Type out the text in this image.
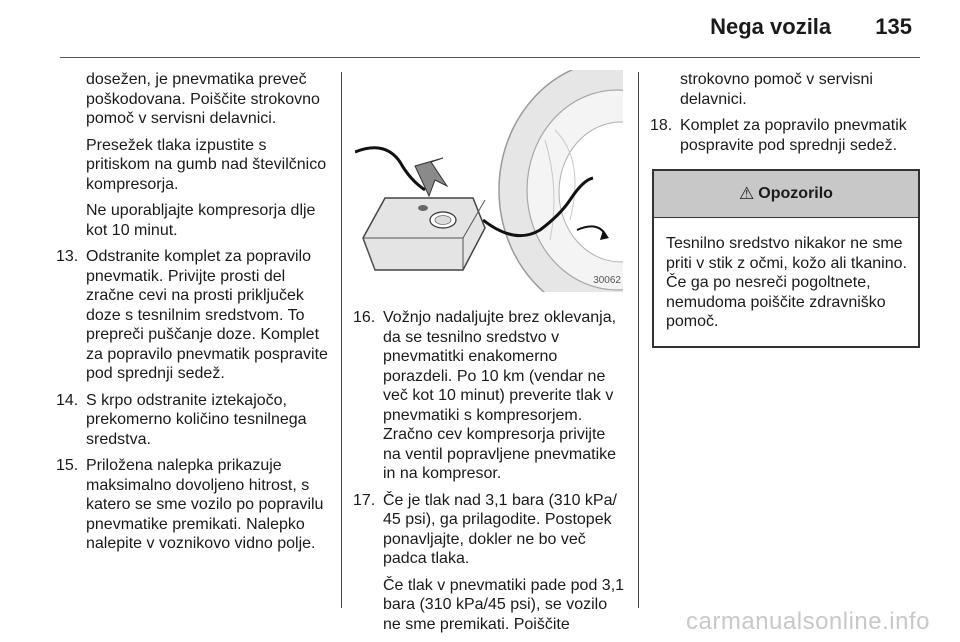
Nega vozila 135

dosežen, je pnevmatika preveč poškodovana. Poiščite strokovno pomoč v servisni delavnici.

Presežek tlaka izpustite s pritiskom na gumb nad številčnico kompresorja.

Ne uporabljajte kompresorja dlje kot 10 minut.

13. Odstranite komplet za popravilo pnevmatik. Privijte prosti del zračne cevi na prosti priključek doze s tesnilnim sredstvom. To prepreči puščanje doze. Komplet za popravilo pnevmatik pospravite pod sprednji sedež.
14. S krpo odstranite iztekajočo, prekomerno količino tesnilnega sredstva.
15. Priložena nalepka prikazuje maksimalno dovoljeno hitrost, s katero se sme vozilo po popravilu pnevmatike premikati. Nalepko nalepite v voznikovo vidno polje.
30062
16. Vožnjo nadaljujte brez oklevanja, da se tesnilno sredstvo v pnevmatitki enakomerno porazdeli. Po 10 km (vendar ne več kot 10 minut) preverite tlak v pnevmatiki s kompresorjem. Zračno cev kompresorja privijte na ventil popravljene pnevmatike in na kompresor.
17. Če je tlak nad 3,1 bara (310 kPa/ 45 psi), ga prilagodite. Postopek ponavljajte, dokler ne bo več padca tlaka.

Če tlak v pnevmatiki pade pod 3,1 bara (310 kPa/45 psi), se vozilo ne sme premikati. Poiščite

strokovno pomoč v servisni delavnici.

18. Komplet za popravilo pnevmatik pospravite pod sprednji sedež.
⚠ Opozorilo
Tesnilno sredstvo nikakor ne sme priti v stik z očmi, kožo ali tkanino. Če ga po nesreči pogoltnete, nemudoma poiščite zdravniško pomoč.
carmanualsonline.info
